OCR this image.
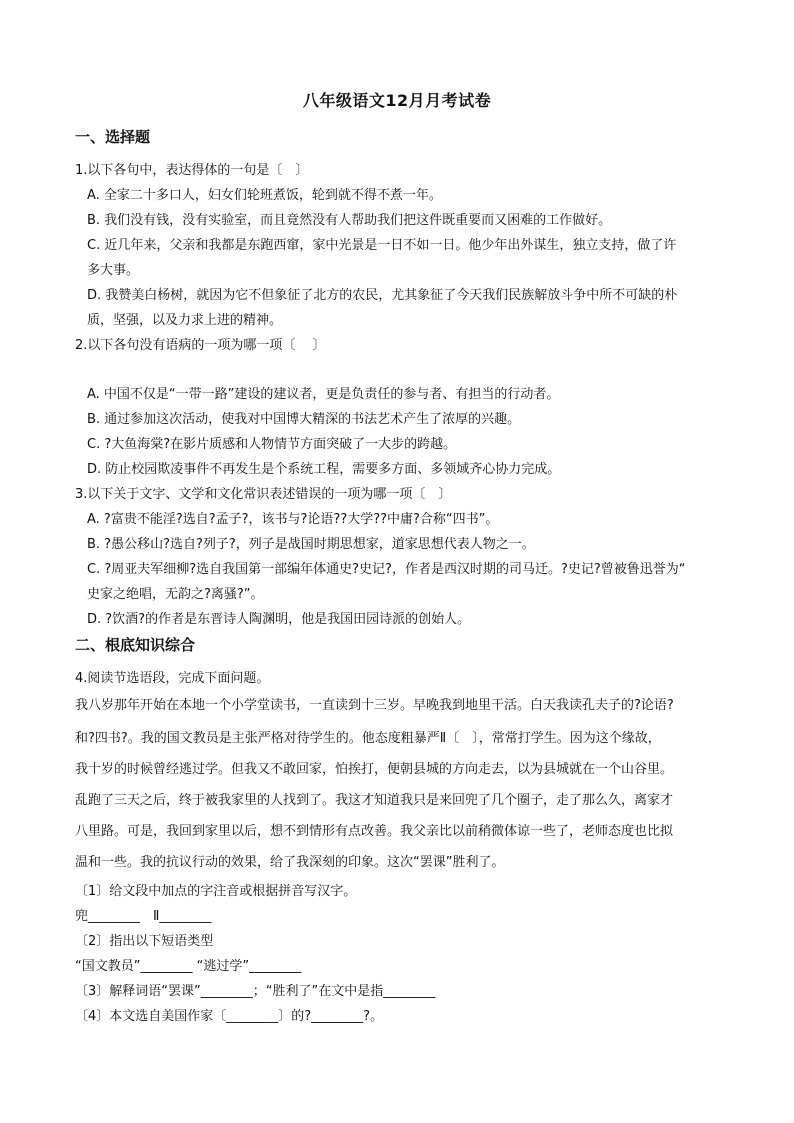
八年级语文12月月考试卷

一、选择题

1.以下各句中，表达得体的一句是〔　〕

A. 全家二十多口人，妇女们轮班煮饭，轮到就不得不煮一年。

B. 我们没有钱，没有实验室，而且竟然没有人帮助我们把这件既重要而又困难的工作做好。

C. 近几年来，父亲和我都是东跑西窜，家中光景是一日不如一日。他少年出外谋生，独立支持，做了许

多大事。

D. 我赞美白杨树，就因为它不但象征了北方的农民，尤其象征了今天我们民族解放斗争中所不可缺的朴

质，坚强，以及力求上进的精神。

2.以下各句没有语病的一项为哪一项〔　 〕

A. 中国不仅是“一带一路”建设的建议者，更是负责任的参与者、有担当的行动者。

B. 通过参加这次活动，使我对中国博大精深的书法艺术产生了浓厚的兴趣。

C. ?大鱼海棠?在影片质感和人物情节方面突破了一大步的跨越。

D. 防止校园欺凌事件不再发生是个系统工程，需要多方面、多领域齐心协力完成。

3.以下关于文字、文学和文化常识表述错误的一项为哪一项〔　〕

A. ?富贵不能淫?选自?孟子?，该书与?论语??大学??中庸?合称“四书”。

B. ?愚公移山?选自?列子?，列子是战国时期思想家，道家思想代表人物之一。

C. ?周亚夫军细柳?选自我国第一部编年体通史?史记?，作者是西汉时期的司马迁。?史记?曾被鲁迅誉为“

史家之绝唱，无韵之?离骚?”。

D. ?饮酒?的作者是东晋诗人陶渊明，他是我国田园诗派的创始人。

二、根底知识综合

4.阅读节选语段，完成下面问题。

我八岁那年开始在本地一个小学堂读书，一直读到十三岁。早晚我到地里干活。白天我读孔夫子的?论语?

和?四书?。我的国文教员是主张严格对待学生的。他态度粗暴严Ⅱ〔　〕，常常打学生。因为这个缘故，

我十岁的时候曾经逃过学。但我又不敢回家，怕挨打，便朝县城的方向走去，以为县城就在一个山谷里。

乱跑了三天之后，终于被我家里的人找到了。我这才知道我只是来回兜了几个圈子，走了那么久，离家才

八里路。可是，我回到家里以后，想不到情形有点改善。我父亲比以前稍微体谅一些了，老师态度也比拟

温和一些。我的抗议行动的效果，给了我深刻的印象。这次“罢课”胜利了。

〔1〕给文段中加点的字注音或根据拼音写汉字。

兜________　Ⅱ________

〔2〕指出以下短语类型

“国文教员”________ “逃过学”________

〔3〕解释词语“罢课”________；“胜利了”在文中是指________

〔4〕本文选自美国作家〔________〕的?________?。
